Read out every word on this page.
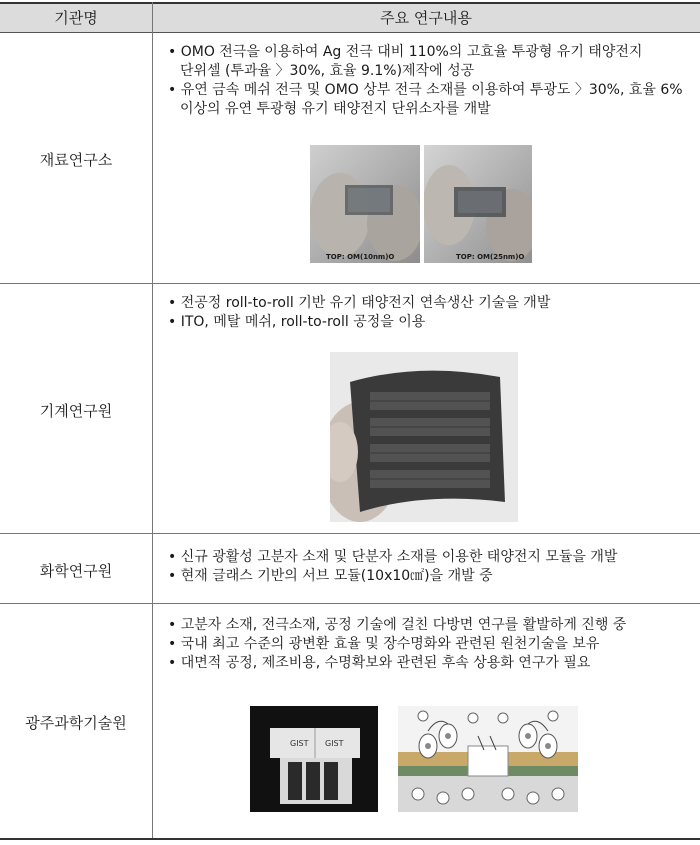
기관명	주요 연구내용
재료연구소

• OMO 전극을 이용하여 Ag 전극 대비 110%의 고효율 투광형 유기 태양전지

단위셀 (투과율 〉30%, 효율 9.1%)제작에 성공

• 유연 금속 메쉬 전극 및 OMO 상부 전극 소재를 이용하여 투광도 〉30%, 효율 6%

이상의 유연 투광형 유기 태양전지 단위소자를 개발

TOP: OM(10nm)O	TOP: OM(25nm)O
기계연구원

• 전공정 roll-to-roll 기반 유기 태양전지 연속생산 기술을 개발

• ITO, 메탈 메쉬, roll-to-roll 공정을 이용

화학연구원

• 신규 광활성 고분자 소재 및 단분자 소재를 이용한 태양전지 모듈을 개발

• 현재 글래스 기반의 서브 모듈(10x10㎠)을 개발 중

광주과학기술원

• 고분자 소재, 전극소재, 공정 기술에 걸친 다방면 연구를 활발하게 진행 중

• 국내 최고 수준의 광변환 효율 및 장수명화와 관련된 원천기술을 보유

• 대면적 공정, 제조비용, 수명확보와 관련된 후속 상용화 연구가 필요

GIST GIST
